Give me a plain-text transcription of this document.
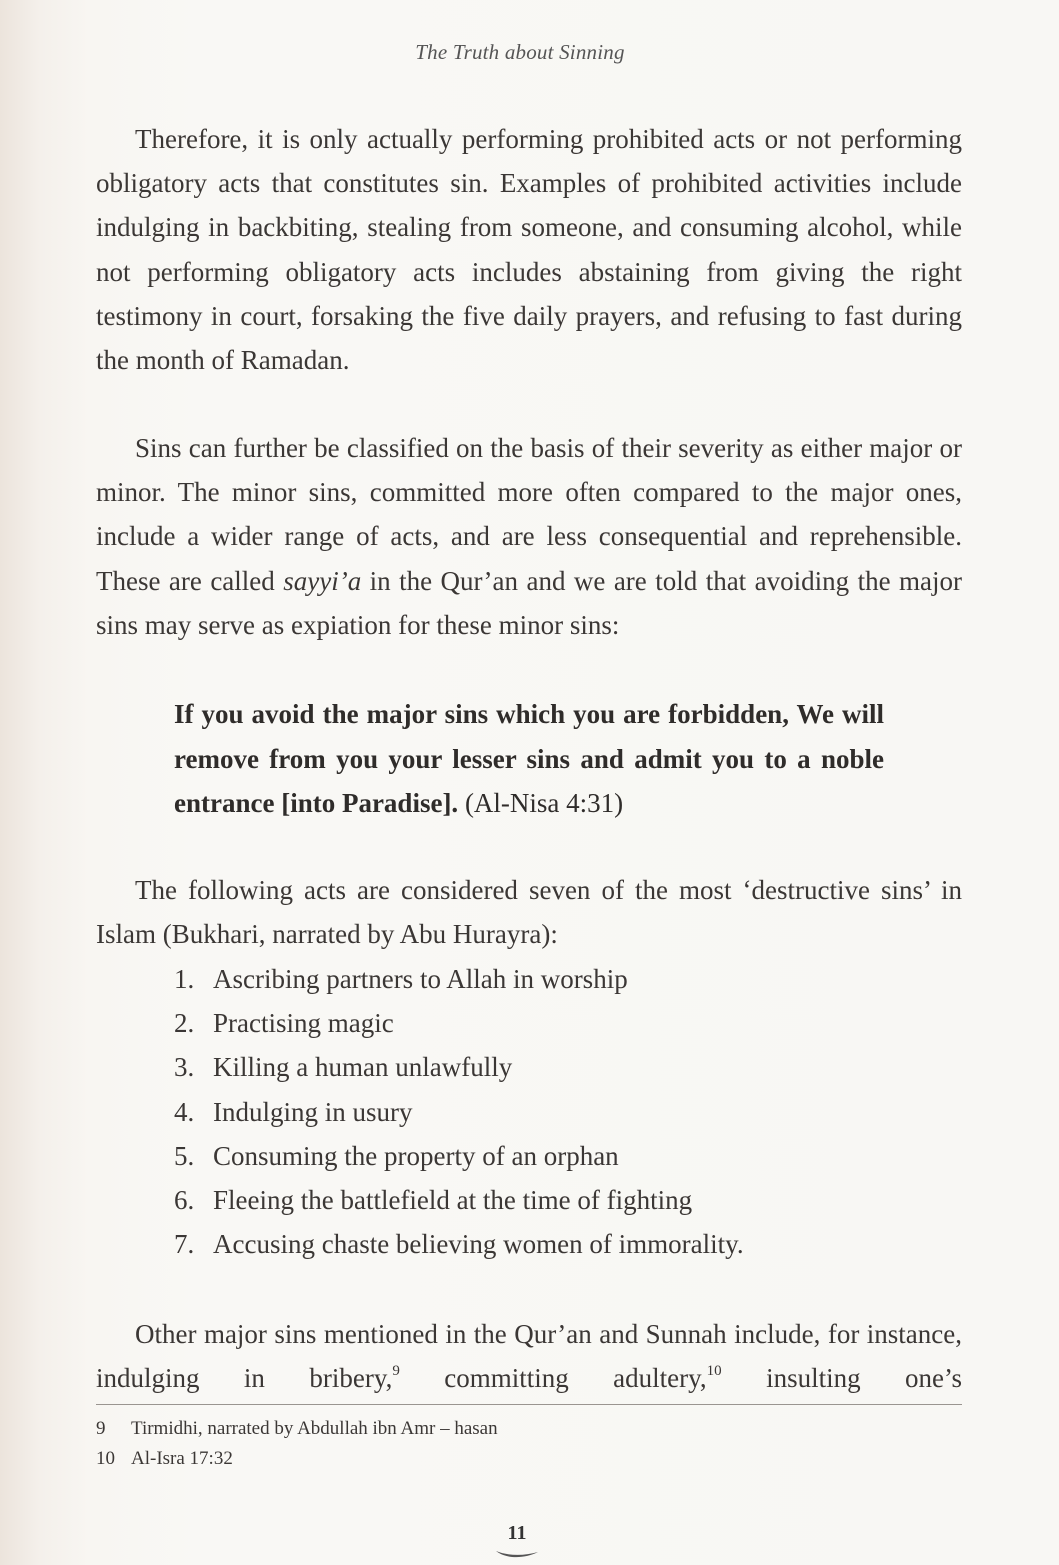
The Truth about Sinning

Therefore, it is only actually performing prohibited acts or not performing obligatory acts that constitutes sin. Examples of prohibited activities include indulging in backbiting, stealing from someone, and consuming alcohol, while not performing obligatory acts includes abstaining from giving the right testimony in court, forsaking the five daily prayers, and refusing to fast during the month of Ramadan.

Sins can further be classified on the basis of their severity as either major or minor. The minor sins, committed more often compared to the major ones, include a wider range of acts, and are less consequential and reprehensible. These are called sayyi’a in the Qur’an and we are told that avoiding the major sins may serve as expiation for these minor sins:

If you avoid the major sins which you are forbidden, We will remove from you your lesser sins and admit you to a noble entrance [into Paradise]. (Al-Nisa 4:31)

The following acts are considered seven of the most ‘destructive sins’ in Islam (Bukhari, narrated by Abu Hurayra):

1. Ascribing partners to Allah in worship
2. Practising magic
3. Killing a human unlawfully
4. Indulging in usury
5. Consuming the property of an orphan
6. Fleeing the battlefield at the time of fighting
7. Accusing chaste believing women of immorality.

Other major sins mentioned in the Qur’an and Sunnah include, for instance, indulging in bribery,$^9$ committing adultery,$^{10}$ insulting one’s

9	Tirmidhi, narrated by Abdullah ibn Amr – hasan
10 Al-Isra 17:32
11
